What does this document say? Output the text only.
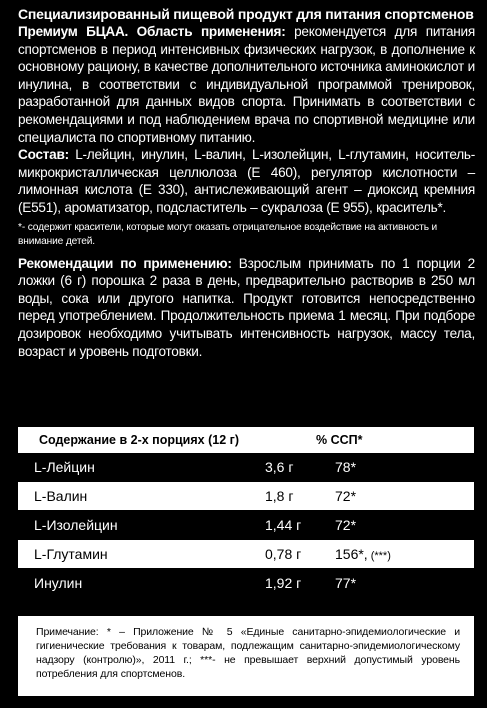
Специализированный пищевой продукт для питания спортсменов

Премиум БЦАА. Область применения: рекомендуется для питания спортсменов в период интенсивных физических нагрузок, в дополнение к основному рациону, в качестве дополнительного источника аминокислот и инулина, в соответствии с индивидуальной программой тренировок, разработанной для данных видов спорта. Принимать в соответствии с рекомендациями и под наблюдением врача по спортивной медицине или специалиста по спортивному питанию.

Состав: L-лейцин, инулин, L-валин, L-изолейцин, L-глутамин, носитель- микрокристаллическая целлюлоза (E 460), регулятор кислотности – лимонная кислота (E 330), антислеживающий агент – диоксид кремния (E551), ароматизатор, подсластитель – сукралоза (E 955), краситель*.

*- содержит красители, которые могут оказать отрицательное воздействие на активность и внимание детей.

Рекомендации по применению: Взрослым принимать по 1 порции 2 ложки (6 г) порошка 2 раза в день, предварительно растворив в 250 мл воды, сока или другого напитка. Продукт готовится непосредственно перед употреблением. Продолжительность приема 1 месяц. При подборе дозировок необходимо учитывать интенсивность нагрузок, массу тела, возраст и уровень подготовки.

Содержание в 2-х порциях (12 г)	% ССП*
L-Лейцин	3,6 г	78*
L-Валин	1,8 г	72*
L-Изолейцин	1,44 г	72*
L-Глутамин	0,78 г	156*, (***)
Инулин	1,92 г	77*
Примечание: * – Приложение № 5 «Единые санитарно-эпидемиологические и гигиенические требования к товарам, подлежащим санитарно-эпидемиологическому надзору (контролю)», 2011 г.; ***- не превышает верхний допустимый уровень потребления для спортсменов.
